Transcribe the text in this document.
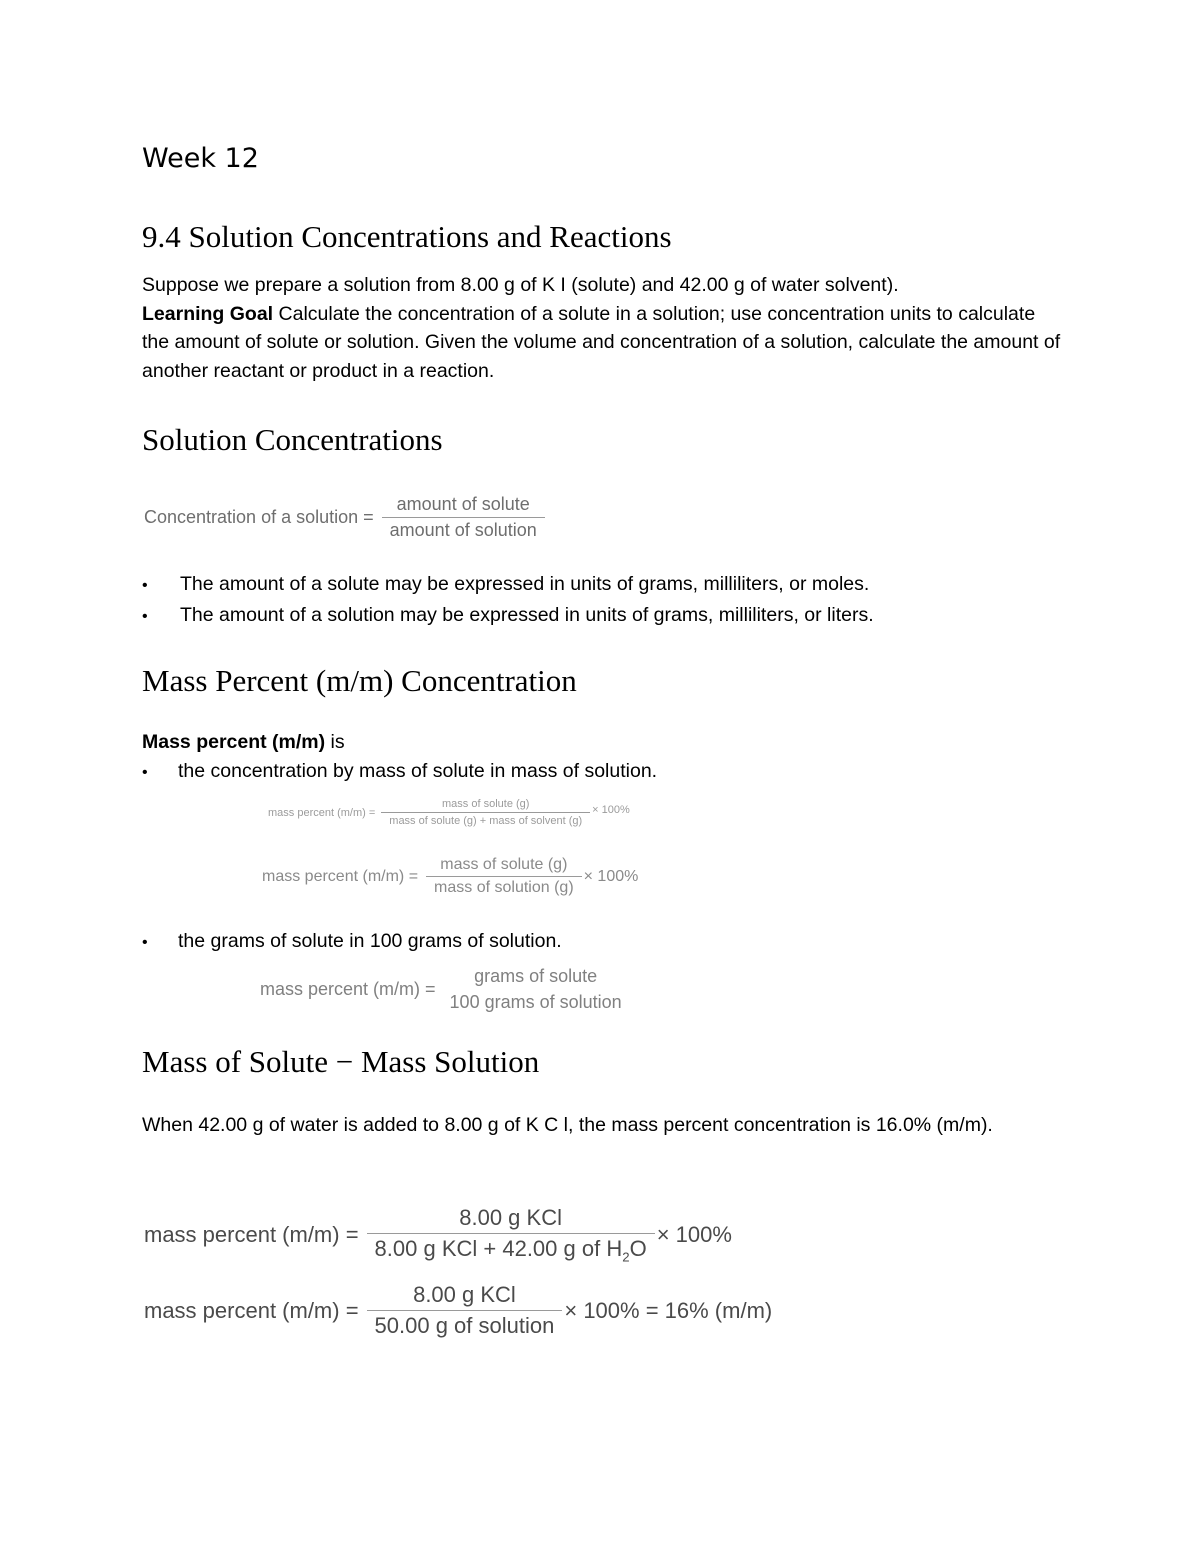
Week 12
9.4 Solution Concentrations and Reactions
Suppose we prepare a solution from 8.00 g of K I (solute) and 42.00 g of water solvent).
Learning Goal Calculate the concentration of a solute in a solution; use concentration units to calculate the amount of solute or solution. Given the volume and concentration of a solution, calculate the amount of another reactant or product in a reaction.
Solution Concentrations
Concentration of a solution = $\frac{\text{amount of solute}}{\text{amount of solution}}$
• The amount of a solute may be expressed in units of grams, milliliters, or moles.
• The amount of a solution may be expressed in units of grams, milliliters, or liters.
Mass Percent (m/m) Concentration
Mass percent (m/m) is
• the concentration by mass of solute in mass of solution.
mass percent $(m/m) = \frac{\text{mass of solute (g)}}{\text{mass of solute (g) + mass of solvent (g)}} \times 100\%$
mass percent $(m/m) = \frac{\text{mass of solute (g)}}{\text{mass of solution (g)}} \times 100\%$
• the grams of solute in 100 grams of solution.
mass percent $(m/m) = \frac{\text{grams of solute}}{\text{100 grams of solution}}$
Mass of Solute − Mass Solution
When 42.00 g of water is added to 8.00 g of K C l, the mass percent concentration is 16.0% (m/m).
mass percent $(m/m) = \frac{\text{8.00 g KCl}}{8.00 g KCl + 42.00 g of H_2O} \times 100\%$
mass percent $(m/m) = \frac{\text{8.00 g KCl}}{\text{50.00 g of solution}} \times 100\% = 16\%$ (m/m)
